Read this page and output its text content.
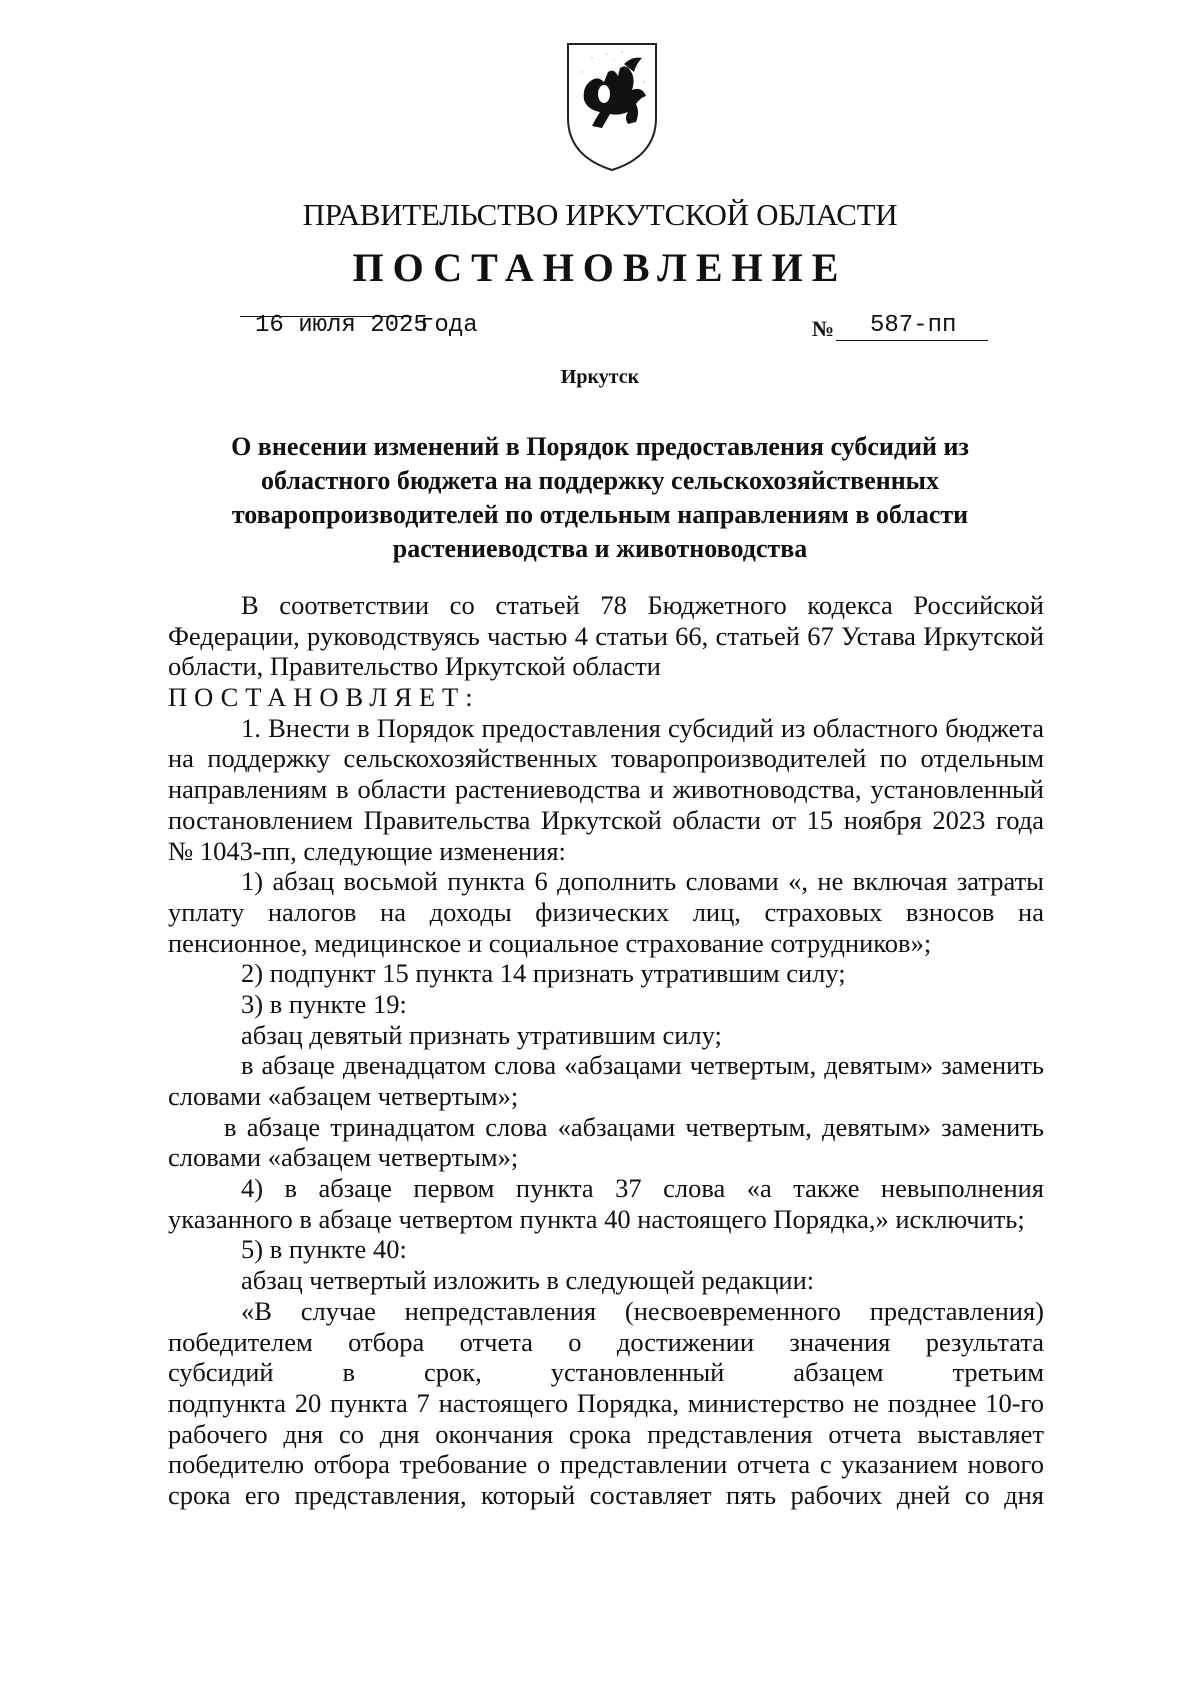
ПРАВИТЕЛЬСТВО ИРКУТСКОЙ ОБЛАСТИ
ПОСТАНОВЛЕНИЕ
16 июля 2025
года	№ 587-пп
Иркутск
О внесении изменений в Порядок предоставления субсидий из
областного бюджета на поддержку сельскохозяйственных
товаропроизводителей по отдельным направлениям в области
растениеводства и животноводства
В соответствии со статьей 78 Бюджетного кодекса Российской
Федерации, руководствуясь частью 4 статьи 66, статьей 67 Устава Иркутской
области, Правительство Иркутской области
ПОСТАНОВЛЯЕТ:
1. Внести в Порядок предоставления субсидий из областного бюджета
на поддержку сельскохозяйственных товаропроизводителей по отдельным
направлениям в области растениеводства и животноводства, установленный
постановлением Правительства Иркутской области от 15 ноября 2023 года
№ 1043-пп, следующие изменения:
1) абзац восьмой пункта 6 дополнить словами «, не включая затраты
уплату налогов на доходы физических лиц, страховых взносов на
пенсионное, медицинское и социальное страхование сотрудников»;
2) подпункт 15 пункта 14 признать утратившим силу;
3) в пункте 19:
абзац девятый признать утратившим силу;
в абзаце двенадцатом слова «абзацами четвертым, девятым» заменить
словами «абзацем четвертым»;
в абзаце тринадцатом слова «абзацами четвертым, девятым» заменить
словами «абзацем четвертым»;
4) в абзаце первом пункта 37 слова «а также невыполнения
указанного в абзаце четвертом пункта 40 настоящего Порядка,» исключить;
5) в пункте 40:
абзац четвертый изложить в следующей редакции:
«В случае непредставления (несвоевременного представления)
победителем отбора отчета о достижении значения результата
субсидий в срок, установленный абзацем третьим
подпункта 20 пункта 7 настоящего Порядка, министерство не позднее 10-го
рабочего дня со дня окончания срока представления отчета выставляет
победителю отбора требование о представлении отчета с указанием нового
срока его представления, который составляет пять рабочих дней со дня
